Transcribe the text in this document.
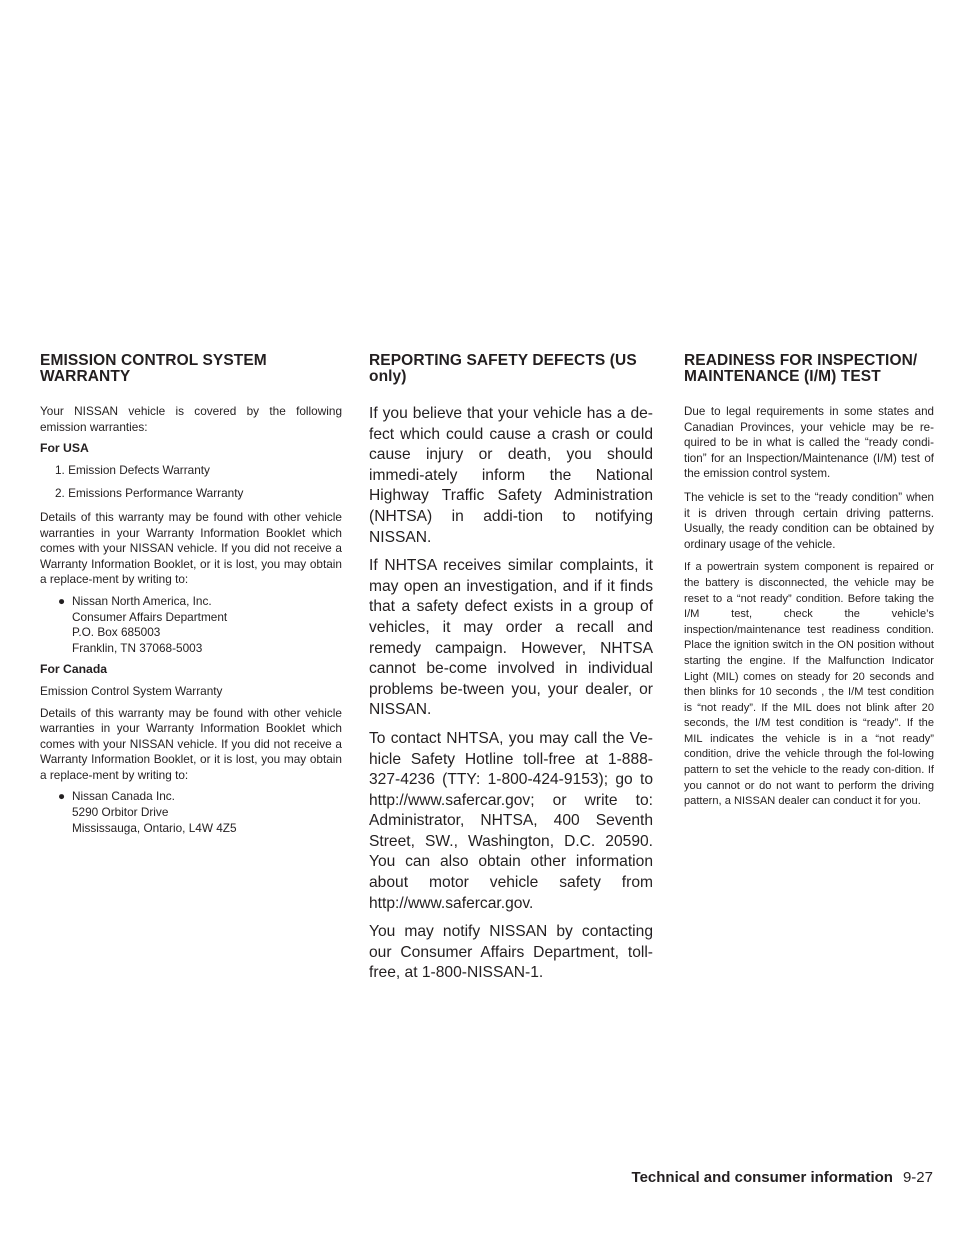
EMISSION CONTROL SYSTEM
WARRANTY

Your NISSAN vehicle is covered by the following emission warranties:

For USA
1. Emission Defects Warranty
2. Emissions Performance Warranty

Details of this warranty may be found with other vehicle warranties in your Warranty Information Booklet which comes with your NISSAN vehicle. If you did not receive a Warranty Information Booklet, or it is lost, you may obtain a replace-ment by writing to:

● Nissan North America, Inc.
Consumer Affairs Department
P.O. Box 685003
Franklin, TN 37068-5003
For Canada

Emission Control System Warranty

Details of this warranty may be found with other vehicle warranties in your Warranty Information Booklet which comes with your NISSAN vehicle. If you did not receive a Warranty Information Booklet, or it is lost, you may obtain a replace-ment by writing to:

● Nissan Canada Inc.
5290 Orbitor Drive
Mississauga, Ontario, L4W 4Z5
REPORTING SAFETY DEFECTS (US
only)

If you believe that your vehicle has a de-fect which could cause a crash or could cause injury or death, you should immedi-ately inform the National Highway Traffic Safety Administration (NHTSA) in addi-tion to notifying NISSAN.

If NHTSA receives similar complaints, it may open an investigation, and if it finds that a safety defect exists in a group of vehicles, it may order a recall and remedy campaign. However, NHTSA cannot be-come involved in individual problems be-tween you, your dealer, or NISSAN.

To contact NHTSA, you may call the Ve-hicle Safety Hotline toll-free at 1-888-327-4236 (TTY: 1-800-424-9153); go to http://www.safercar.gov; or write to: Administrator, NHTSA, 400 Seventh Street, SW., Washington, D.C. 20590. You can also obtain other information about motor vehicle safety from http://www.safercar.gov.

You may notify NISSAN by contacting our Consumer Affairs Department, toll-free, at 1-800-NISSAN-1.

READINESS FOR INSPECTION/
MAINTENANCE (I/M) TEST

Due to legal requirements in some states and Canadian Provinces, your vehicle may be re-quired to be in what is called the “ready condi-tion” for an Inspection/Maintenance (I/M) test of the emission control system.

The vehicle is set to the “ready condition” when it is driven through certain driving patterns. Usually, the ready condition can be obtained by ordinary usage of the vehicle.

If a powertrain system component is repaired or the battery is disconnected, the vehicle may be reset to a “not ready” condition. Before taking the I/M test, check the vehicle’s inspection/maintenance test readiness condition. Place the ignition switch in the ON position without starting the engine. If the Malfunction Indicator Light (MIL) comes on steady for 20 seconds and then blinks for 10 seconds , the I/M test condition is “not ready”. If the MIL does not blink after 20 seconds, the I/M test condition is “ready”. If the MIL indicates the vehicle is in a “not ready” condition, drive the vehicle through the fol-lowing pattern to set the vehicle to the ready con-dition. If you cannot or do not want to perform the driving pattern, a NISSAN dealer can conduct it for you.

Technical and consumer information 9-27
